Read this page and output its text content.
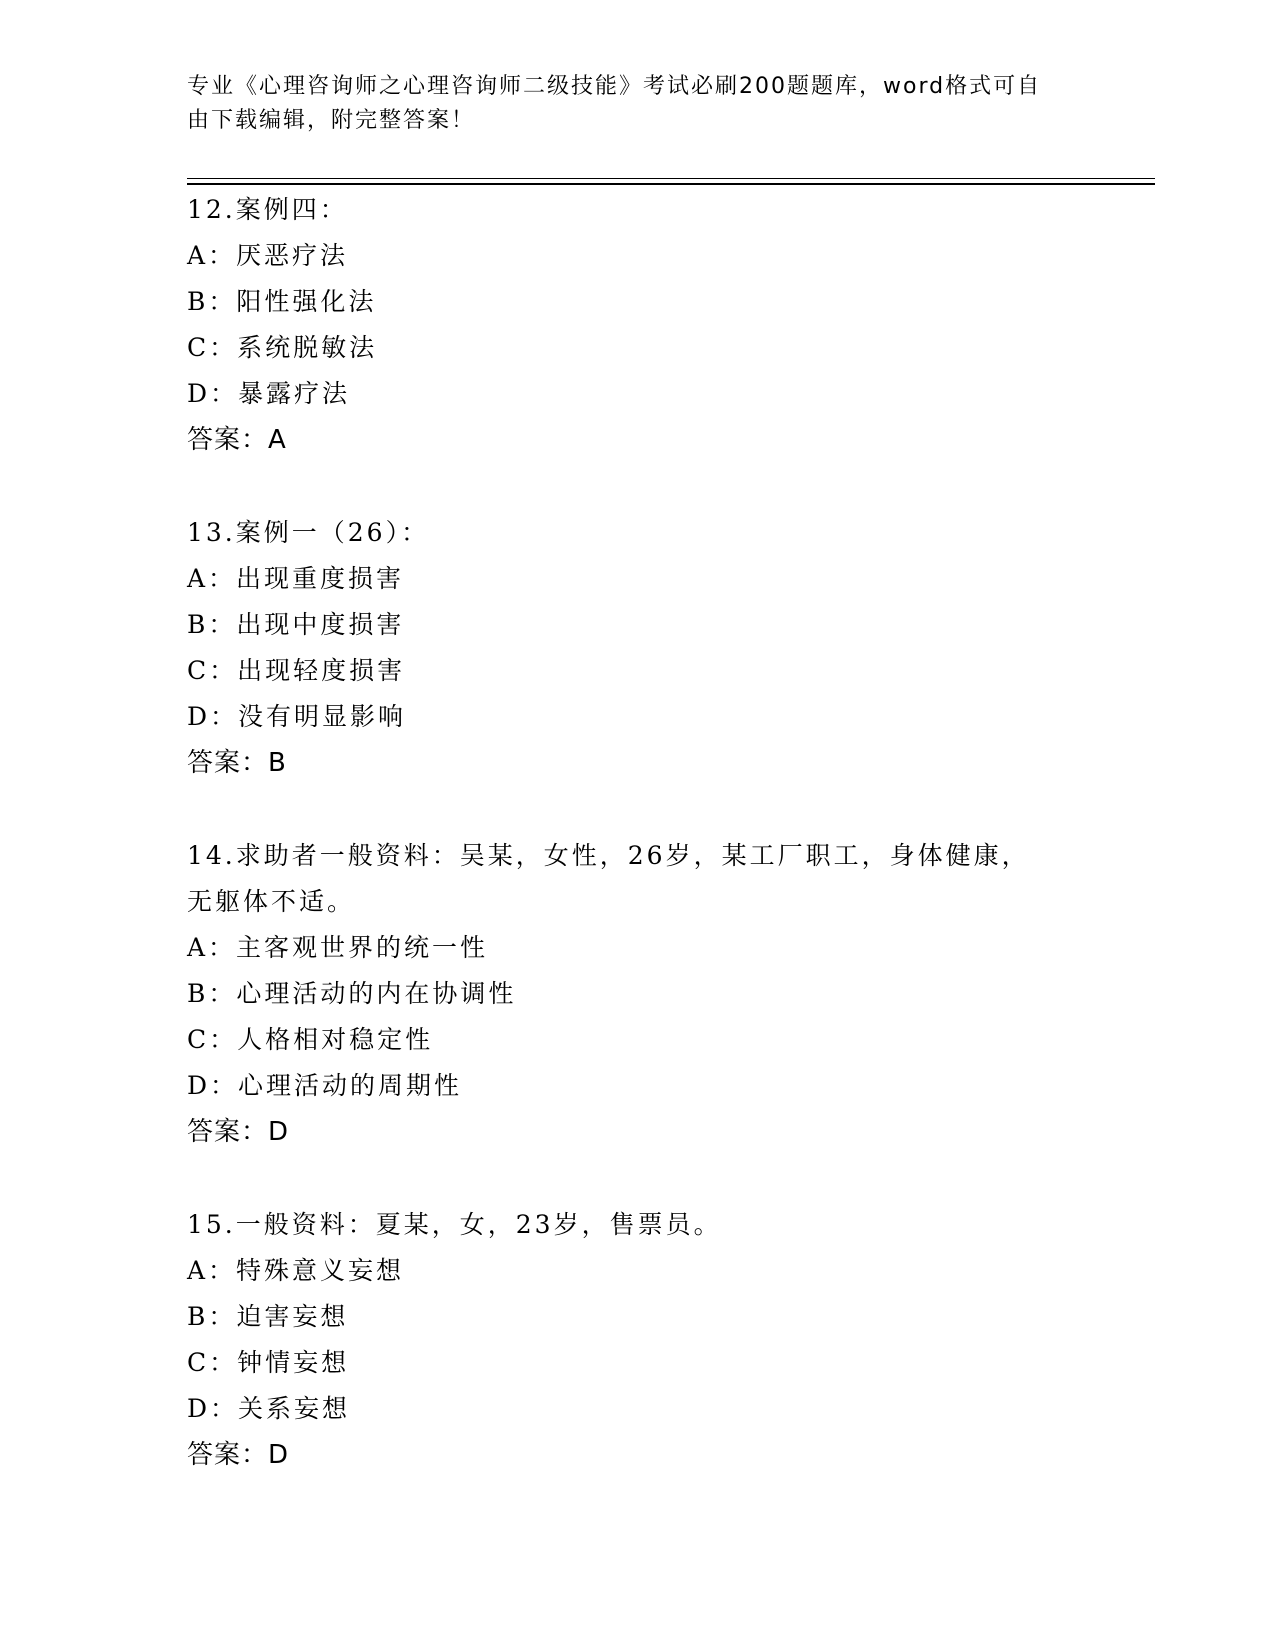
专业《心理咨询师之心理咨询师二级技能》考试必刷200题题库，word格式可自
由下载编辑，附完整答案！
12.案例四：
A：厌恶疗法
B：阳性强化法
C：系统脱敏法
D：暴露疗法
答案：A
13.案例一（26）：
A：出现重度损害
B：出现中度损害
C：出现轻度损害
D：没有明显影响
答案：B
14.求助者一般资料：吴某，女性，26岁，某工厂职工，身体健康，无躯体不适。
A：主客观世界的统一性
B：心理活动的内在协调性
C：人格相对稳定性
D：心理活动的周期性
答案：D
15.一般资料：夏某，女，23岁，售票员。
A：特殊意义妄想
B：迫害妄想
C：钟情妄想
D：关系妄想
答案：D
